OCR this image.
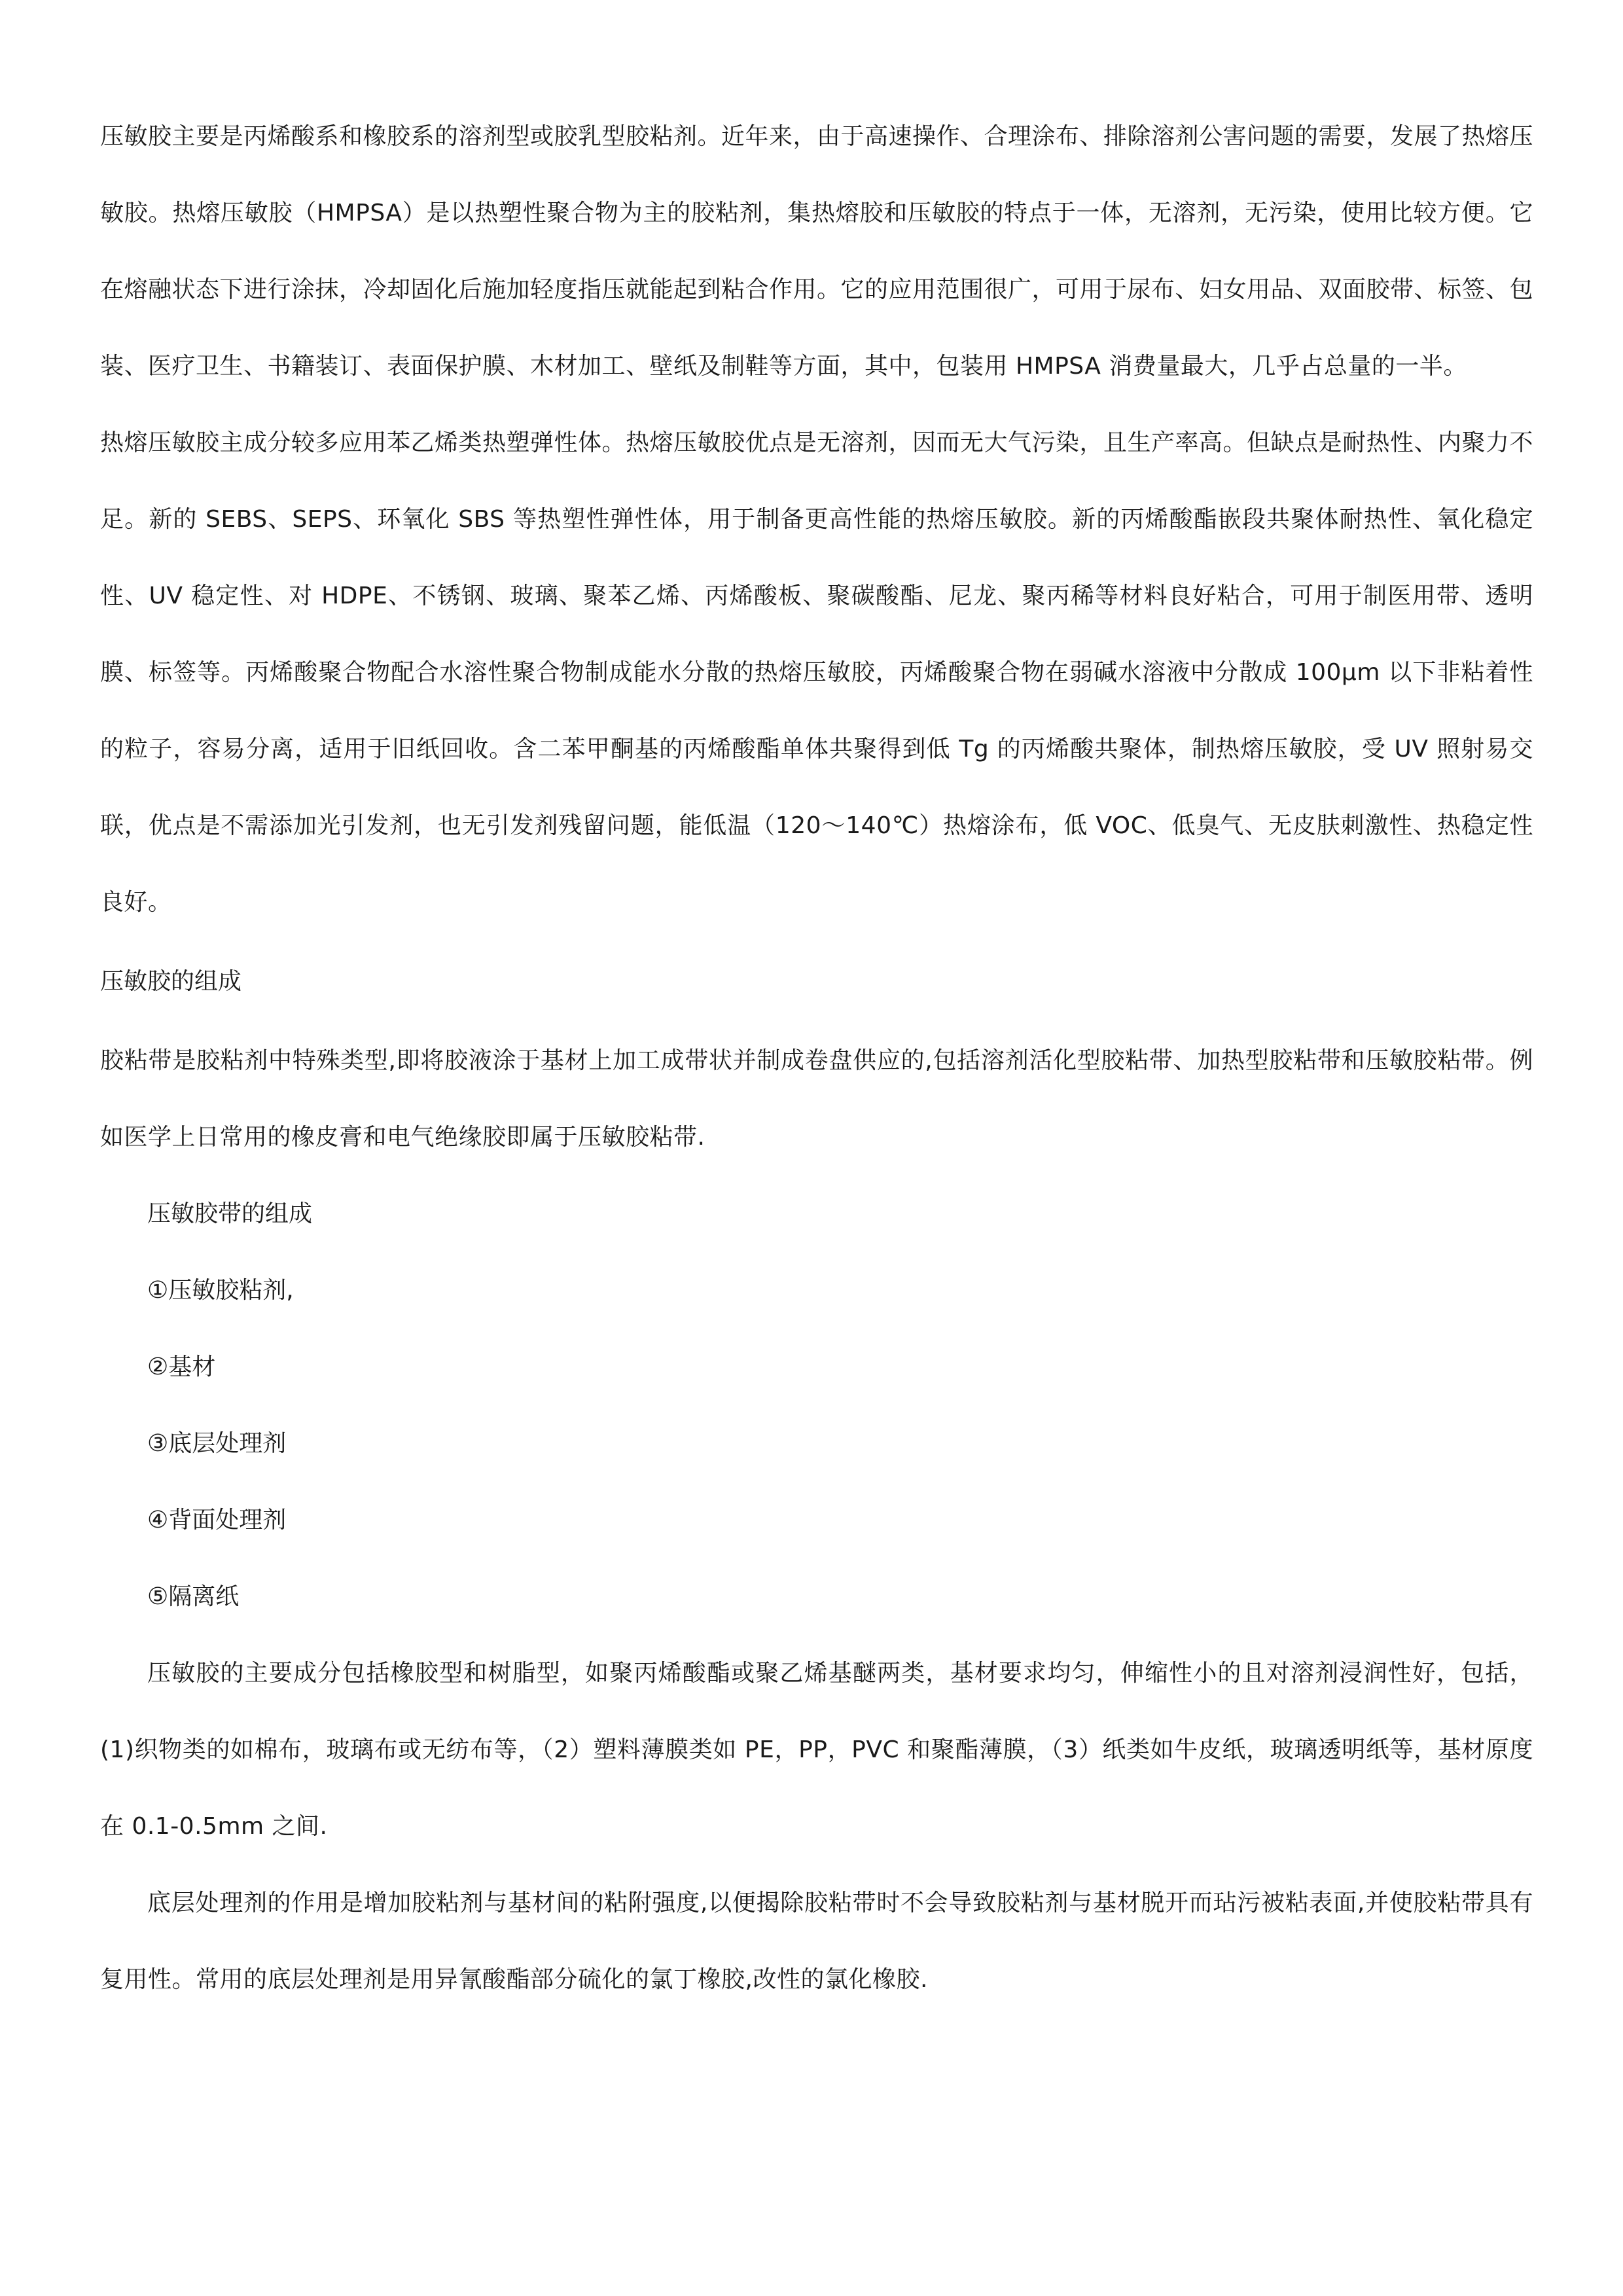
压敏胶主要是丙烯酸系和橡胶系的溶剂型或胶乳型胶粘剂。近年来，由于高速操作、合理涂布、排除溶剂公害问题的需要，发展了热熔压敏胶。热熔压敏胶（HMPSA）是以热塑性聚合物为主的胶粘剂，集热熔胶和压敏胶的特点于一体，无溶剂，无污染，使用比较方便。它在熔融状态下进行涂抹，冷却固化后施加轻度指压就能起到粘合作用。它的应用范围很广，可用于尿布、妇女用品、双面胶带、标签、包装、医疗卫生、书籍装订、表面保护膜、木材加工、壁纸及制鞋等方面，其中，包装用 HMPSA 消费量最大，几乎占总量的一半。

热熔压敏胶主成分较多应用苯乙烯类热塑弹性体。热熔压敏胶优点是无溶剂，因而无大气污染，且生产率高。但缺点是耐热性、内聚力不足。新的 SEBS、SEPS、环氧化 SBS 等热塑性弹性体，用于制备更高性能的热熔压敏胶。新的丙烯酸酯嵌段共聚体耐热性、氧化稳定性、UV 稳定性、对 HDPE、不锈钢、玻璃、聚苯乙烯、丙烯酸板、聚碳酸酯、尼龙、聚丙稀等材料良好粘合，可用于制医用带、透明膜、标签等。丙烯酸聚合物配合水溶性聚合物制成能水分散的热熔压敏胶，丙烯酸聚合物在弱碱水溶液中分散成 100μm 以下非粘着性的粒子，容易分离，适用于旧纸回收。含二苯甲酮基的丙烯酸酯单体共聚得到低 Tg 的丙烯酸共聚体，制热熔压敏胶，受 UV 照射易交联，优点是不需添加光引发剂，也无引发剂残留问题，能低温（120～140℃）热熔涂布，低 VOC、低臭气、无皮肤刺激性、热稳定性良好。

压敏胶的组成

胶粘带是胶粘剂中特殊类型,即将胶液涂于基材上加工成带状并制成卷盘供应的,包括溶剂活化型胶粘带、加热型胶粘带和压敏胶粘带。例如医学上日常用的橡皮膏和电气绝缘胶即属于压敏胶粘带.

压敏胶带的组成

①压敏胶粘剂,

②基材

③底层处理剂

④背面处理剂

⑤隔离纸

压敏胶的主要成分包括橡胶型和树脂型，如聚丙烯酸酯或聚乙烯基醚两类，基材要求均匀，伸缩性小的且对溶剂浸润性好，包括，(1)织物类的如棉布，玻璃布或无纺布等，（2）塑料薄膜类如 PE，PP，PVC 和聚酯薄膜，（3）纸类如牛皮纸，玻璃透明纸等，基材原度在 0.1-0.5mm 之间.

底层处理剂的作用是增加胶粘剂与基材间的粘附强度,以便揭除胶粘带时不会导致胶粘剂与基材脱开而玷污被粘表面,并使胶粘带具有复用性。常用的底层处理剂是用异氰酸酯部分硫化的氯丁橡胶,改性的氯化橡胶.
